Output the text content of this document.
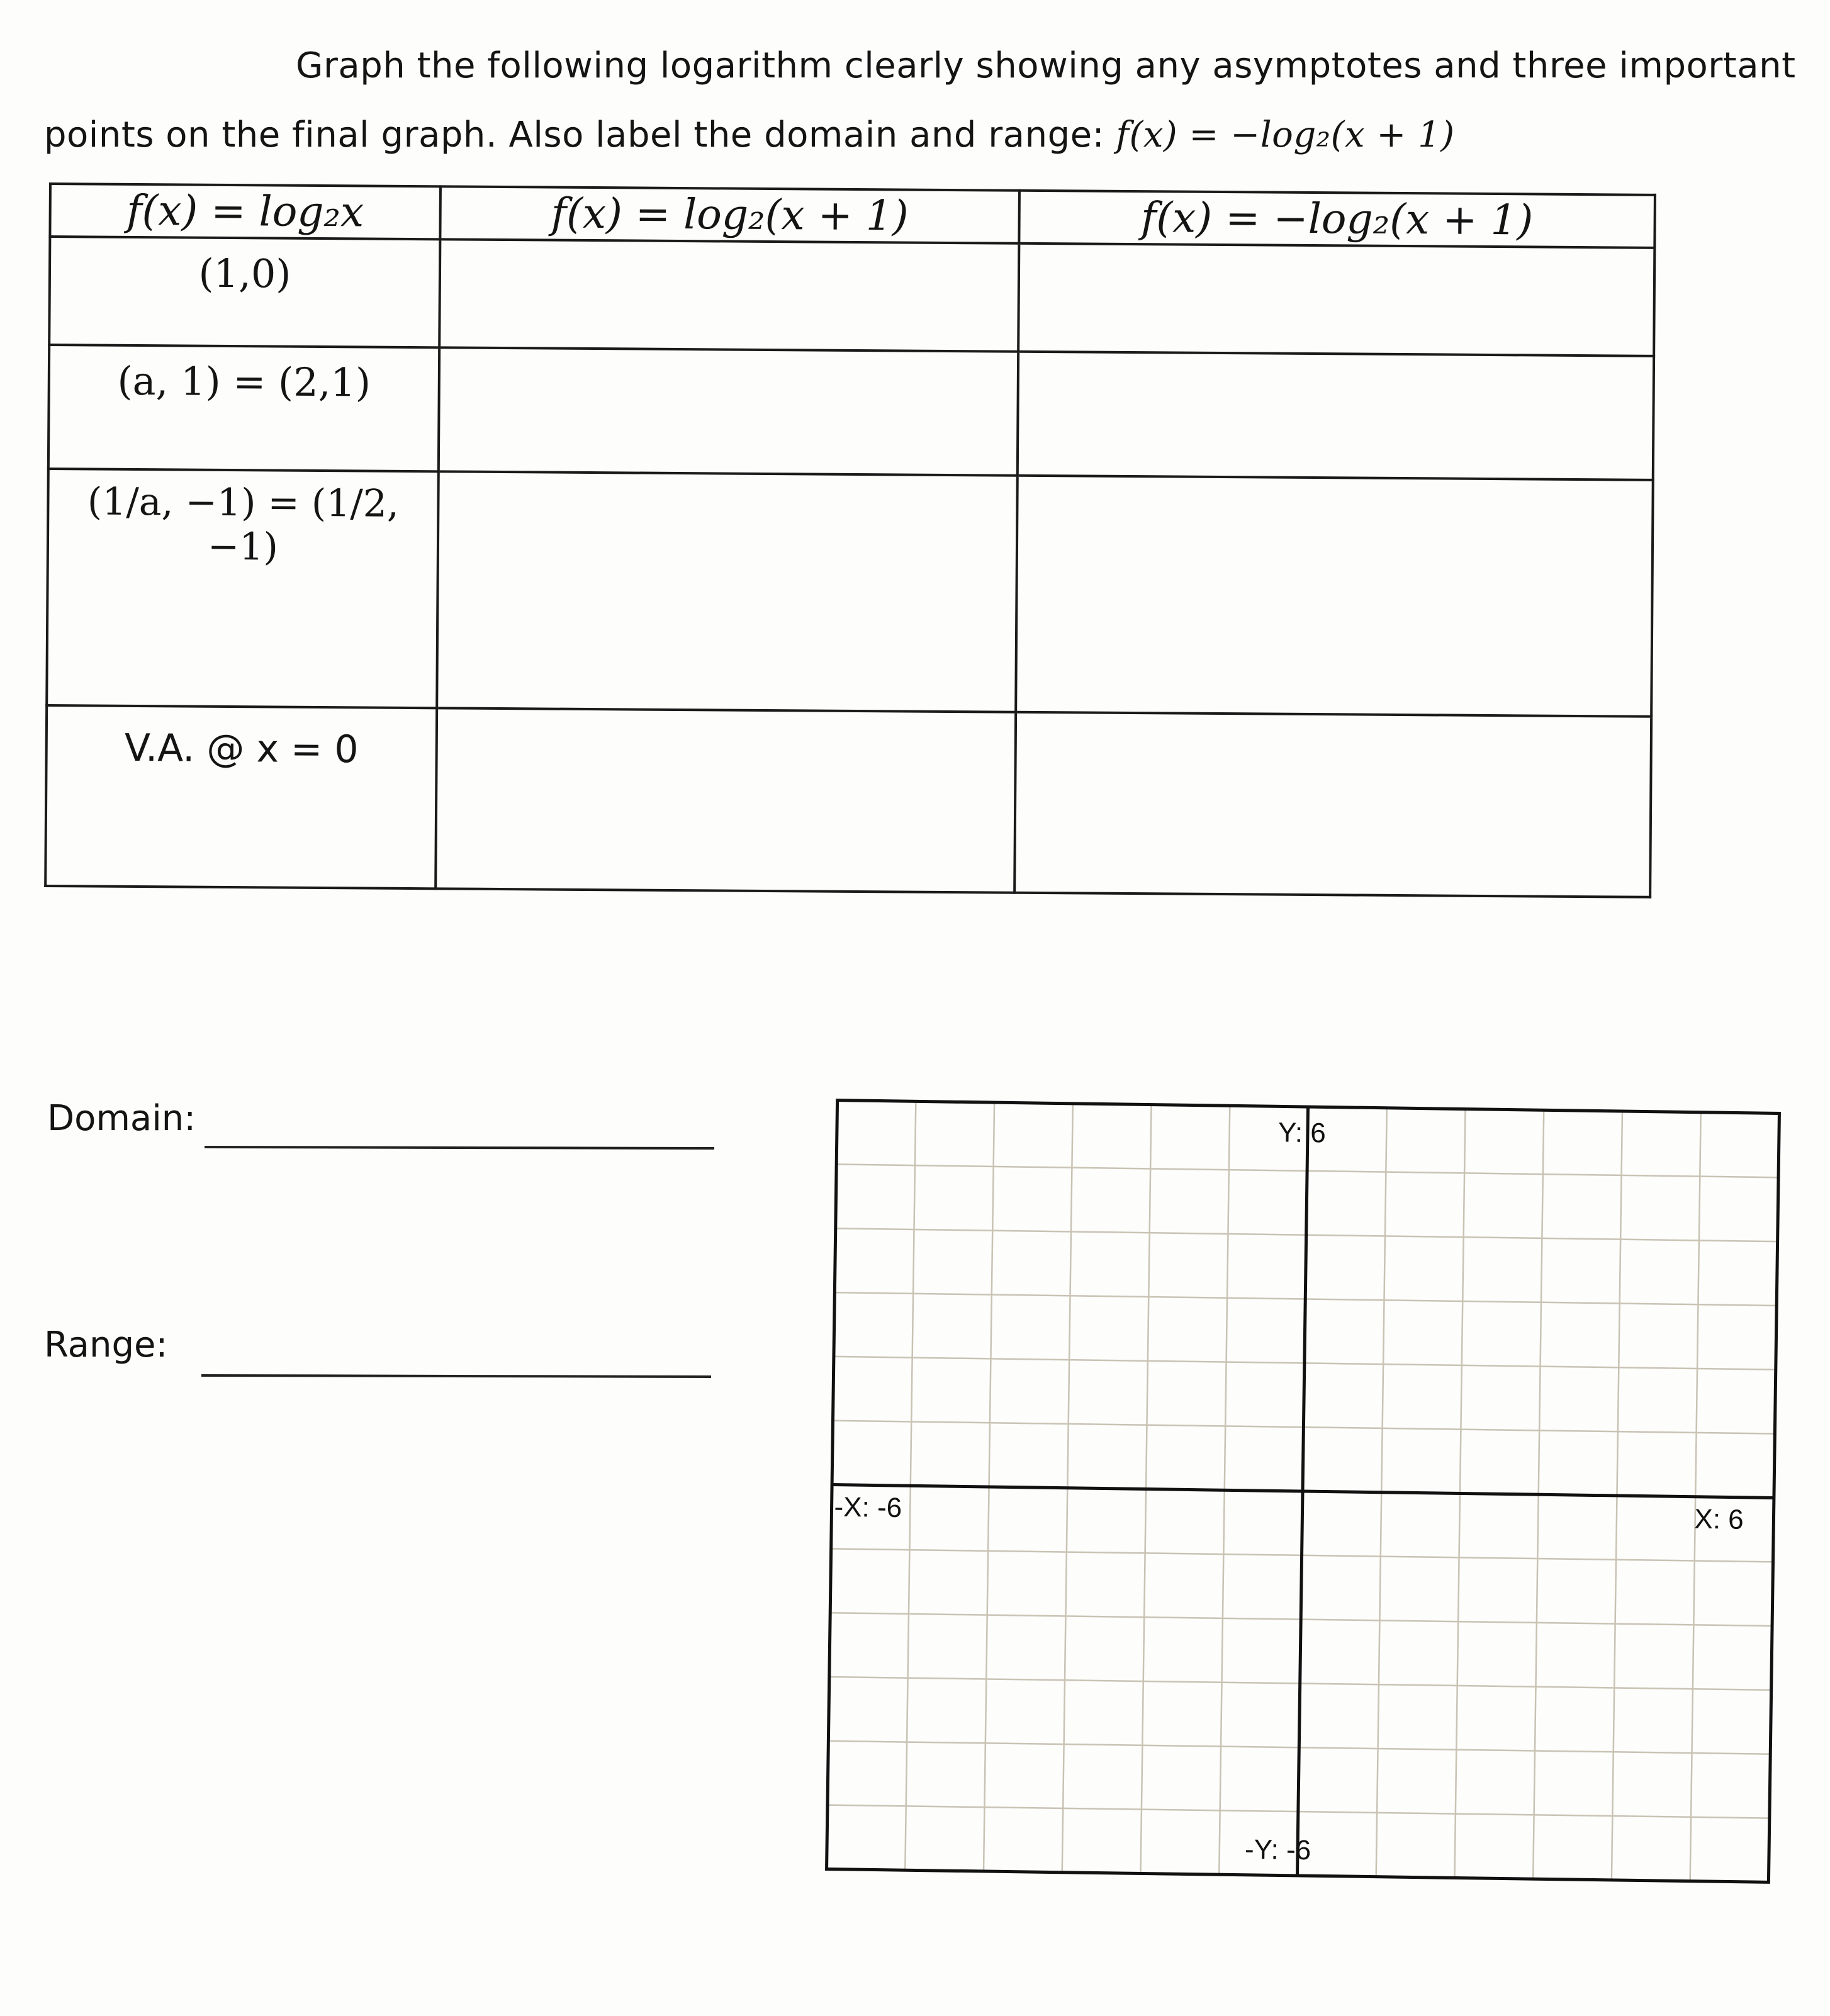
Graph the following logarithm clearly showing any asymptotes and three important
points on the final graph. Also label the domain and range: f(x) = −log₂(x + 1)
f(x) = log₂x	f(x) = log₂(x + 1)	f(x) = −log₂(x + 1)

(1,0)		

(a, 1) = (2,1)		

(1/a, −1) = (1/2, −1)		

V.A. @ x = 0		

Domain:
Range:
Y: 6
-Y: -6
-X: -6	X: 6
